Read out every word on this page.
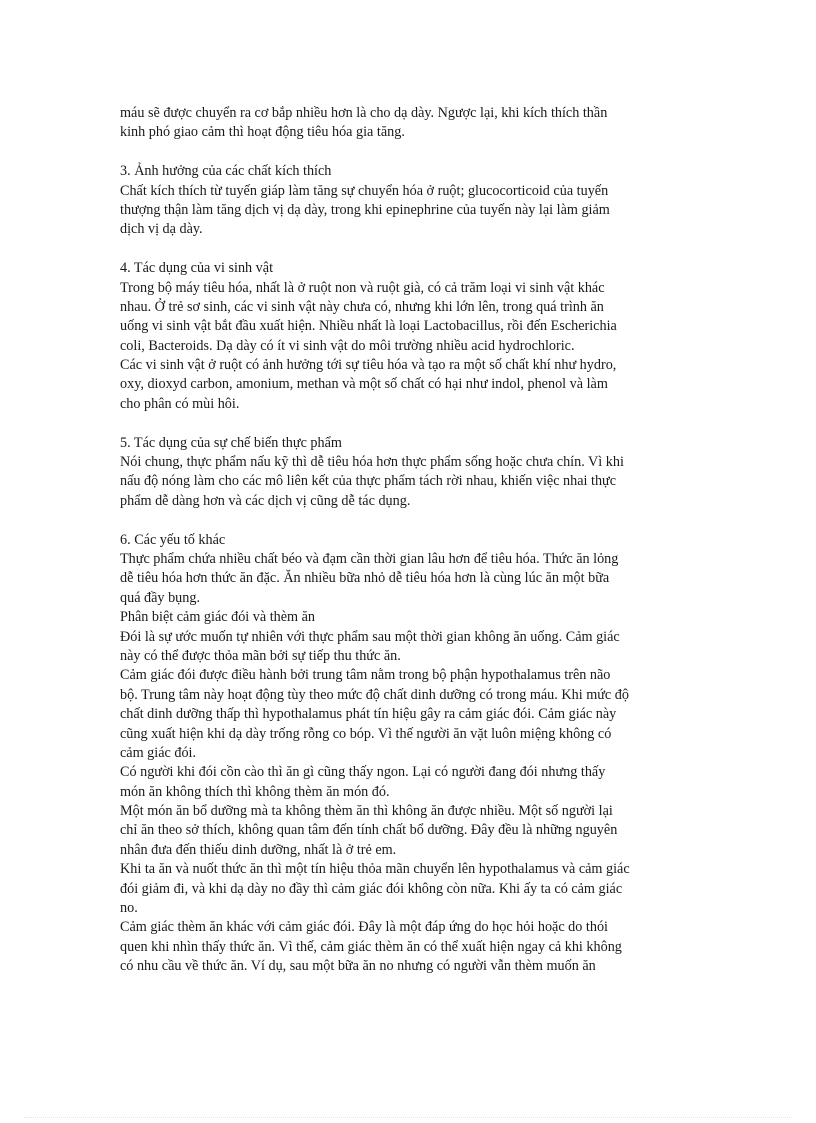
máu sẽ được chuyển ra cơ bắp nhiều hơn là cho dạ dày. Ngược lại, khi kích thích thần
kinh phó giao cảm thì hoạt động tiêu hóa gia tăng.
3. Ảnh hưởng của các chất kích thích
Chất kích thích từ tuyến giáp làm tăng sự chuyển hóa ở ruột; glucocorticoid của tuyến
thượng thận làm tăng dịch vị dạ dày, trong khi epinephrine của tuyến này lại làm giảm
dịch vị dạ dày.
4. Tác dụng của vi sinh vật
Trong bộ máy tiêu hóa, nhất là ở ruột non và ruột già, có cả trăm loại vi sinh vật khác
nhau. Ở trẻ sơ sinh, các vi sinh vật này chưa có, nhưng khi lớn lên, trong quá trình ăn
uống vi sinh vật bắt đầu xuất hiện. Nhiều nhất là loại Lactobacillus, rồi đến Escherichia
coli, Bacteroids. Dạ dày có ít vi sinh vật do môi trường nhiều acid hydrochloric.
Các vi sinh vật ở ruột có ảnh hưởng tới sự tiêu hóa và tạo ra một số chất khí như hydro,
oxy, dioxyd carbon, amonium, methan và một số chất có hại như indol, phenol và làm
cho phân có mùi hôi.
5. Tác dụng của sự chế biến thực phẩm
Nói chung, thực phẩm nấu kỹ thì dễ tiêu hóa hơn thực phẩm sống hoặc chưa chín. Vì khi
nấu độ nóng làm cho các mô liên kết của thực phẩm tách rời nhau, khiến việc nhai thực
phẩm dễ dàng hơn và các dịch vị cũng dễ tác dụng.
6. Các yếu tố khác
Thực phẩm chứa nhiều chất béo và đạm cần thời gian lâu hơn để tiêu hóa. Thức ăn lỏng
dễ tiêu hóa hơn thức ăn đặc. Ăn nhiều bữa nhỏ dễ tiêu hóa hơn là cùng lúc ăn một bữa
quá đầy bụng.
Phân biệt cảm giác đói và thèm ăn
Đói là sự ước muốn tự nhiên với thực phẩm sau một thời gian không ăn uống. Cảm giác
này có thể được thỏa mãn bởi sự tiếp thu thức ăn.
Cảm giác đói được điều hành bởi trung tâm nằm trong bộ phận hypothalamus trên não
bộ. Trung tâm này hoạt động tùy theo mức độ chất dinh dưỡng có trong máu. Khi mức độ
chất dinh dưỡng thấp thì hypothalamus phát tín hiệu gây ra cảm giác đói. Cảm giác này
cũng xuất hiện khi dạ dày trống rỗng co bóp. Vì thế người ăn vặt luôn miệng không có
cảm giác đói.
Có người khi đói cồn cào thì ăn gì cũng thấy ngon. Lại có người đang đói nhưng thấy
món ăn không thích thì không thèm ăn món đó.
Một món ăn bổ dưỡng mà ta không thèm ăn thì không ăn được nhiều. Một số người lại
chỉ ăn theo sở thích, không quan tâm đến tính chất bổ dưỡng. Đây đều là những nguyên
nhân đưa đến thiếu dinh dưỡng, nhất là ở trẻ em.
Khi ta ăn và nuốt thức ăn thì một tín hiệu thỏa mãn chuyển lên hypothalamus và cảm giác
đói giảm đi, và khi dạ dày no đầy thì cảm giác đói không còn nữa. Khi ấy ta có cảm giác
no.
Cảm giác thèm ăn khác với cảm giác đói. Đây là một đáp ứng do học hỏi hoặc do thói
quen khi nhìn thấy thức ăn. Vì thế, cảm giác thèm ăn có thể xuất hiện ngay cả khi không
có nhu cầu về thức ăn. Ví dụ, sau một bữa ăn no nhưng có người vẫn thèm muốn ăn
